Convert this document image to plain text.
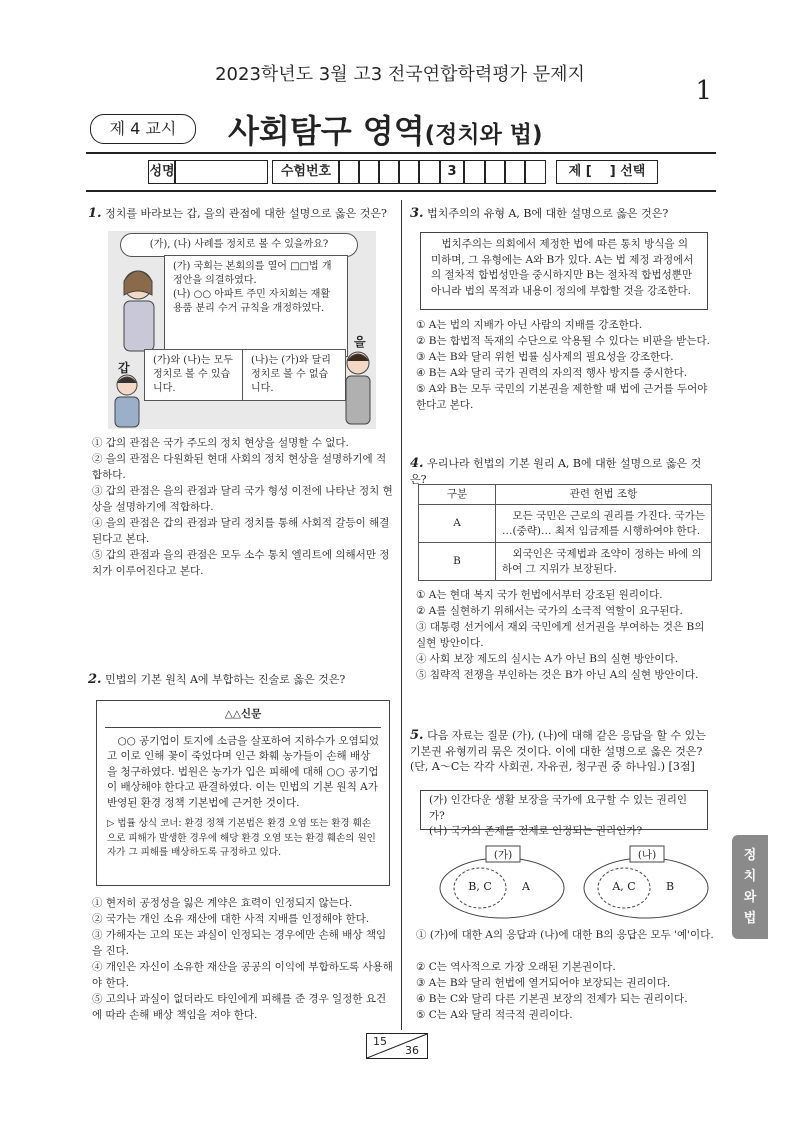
2023학년도 3월 고3 전국연합학력평가 문제지
1
제 4 교시	사회탐구 영역(정치와 법)
성명	수험번호	3	제 [ ] 선택
1. 정치를 바라보는 갑, 을의 관점에 대한 설명으로 옳은 것은?
(가), (나) 사례를 정치로 볼 수 있을까요?
(가) 국회는 본회의를 열어 □□법 개정안을 의결하였다.
(나) ○○ 아파트 주민 자치회는 재활용품 분리 수거 규칙을 개정하였다.
갑
(가)와 (나)는 모두 정치로 볼 수 있습니다.
(나)는 (가)와 달리 정치로 볼 수 없습니다.
을
① 갑의 관점은 국가 주도의 정치 현상을 설명할 수 없다.
② 을의 관점은 다원화된 현대 사회의 정치 현상을 설명하기에 적합하다.
③ 갑의 관점은 을의 관점과 달리 국가 형성 이전에 나타난 정치 현상을 설명하기에 적합하다.
④ 을의 관점은 갑의 관점과 달리 정치를 통해 사회적 갈등이 해결된다고 본다.
⑤ 갑의 관점과 을의 관점은 모두 소수 통치 엘리트에 의해서만 정치가 이루어진다고 본다.
2. 민법의 기본 원칙 A에 부합하는 진술로 옳은 것은?
△△신문
○○ 공기업이 토지에 소금을 살포하여 지하수가 오염되었고 이로 인해 꽃이 죽었다며 인근 화훼 농가들이 손해 배상을 청구하였다. 법원은 농가가 입은 피해에 대해 ○○ 공기업이 배상해야 한다고 판결하였다. 이는 민법의 기본 원칙 A가 반영된 환경 정책 기본법에 근거한 것이다.
▷ 법률 상식 코너: 환경 정책 기본법은 환경 오염 또는 환경 훼손으로 피해가 발생한 경우에 해당 환경 오염 또는 환경 훼손의 원인자가 그 피해를 배상하도록 규정하고 있다.
① 현저히 공정성을 잃은 계약은 효력이 인정되지 않는다.
② 국가는 개인 소유 재산에 대한 사적 지배를 인정해야 한다.
③ 가해자는 고의 또는 과실이 인정되는 경우에만 손해 배상 책임을 진다.
④ 개인은 자신이 소유한 재산을 공공의 이익에 부합하도록 사용해야 한다.
⑤ 고의나 과실이 없더라도 타인에게 피해를 준 경우 일정한 요건에 따라 손해 배상 책임을 져야 한다.
3. 법치주의의 유형 A, B에 대한 설명으로 옳은 것은?
법치주의는 의회에서 제정한 법에 따른 통치 방식을 의미하며, 그 유형에는 A와 B가 있다. A는 법 제정 과정에서의 절차적 합법성만을 중시하지만 B는 절차적 합법성뿐만 아니라 법의 목적과 내용이 정의에 부합할 것을 강조한다.
① A는 법의 지배가 아닌 사람의 지배를 강조한다.
② B는 합법적 독재의 수단으로 악용될 수 있다는 비판을 받는다.
③ A는 B와 달리 위헌 법률 심사제의 필요성을 강조한다.
④ B는 A와 달리 국가 권력의 자의적 행사 방지를 중시한다.
⑤ A와 B는 모두 국민의 기본권을 제한할 때 법에 근거를 두어야 한다고 본다.
4. 우리나라 헌법의 기본 원리 A, B에 대한 설명으로 옳은 것은?
구분	관련 헌법 조항
A	모든 국민은 근로의 권리를 가진다. 국가는 …(중략)… 최저 임금제를 시행하여야 한다.
B	외국인은 국제법과 조약이 정하는 바에 의하여 그 지위가 보장된다.
① A는 현대 복지 국가 헌법에서부터 강조된 원리이다.
② A를 실현하기 위해서는 국가의 소극적 역할이 요구된다.
③ 대통령 선거에서 재외 국민에게 선거권을 부여하는 것은 B의 실현 방안이다.
④ 사회 보장 제도의 실시는 A가 아닌 B의 실현 방안이다.
⑤ 침략적 전쟁을 부인하는 것은 B가 아닌 A의 실현 방안이다.
5. 다음 자료는 질문 (가), (나)에 대해 같은 응답을 할 수 있는 기본권 유형끼리 묶은 것이다. 이에 대한 설명으로 옳은 것은? (단, A～C는 각각 사회권, 자유권, 청구권 중 하나임.) [3점]
(가) 인간다운 생활 보장을 국가에 요구할 수 있는 권리인가?
(나) 국가의 존재를 전제로 인정되는 권리인가?
(가)	(나)
B, C	A	A, C	B
① (가)에 대한 A의 응답과 (나)에 대한 B의 응답은 모두 '예'이다.
② C는 역사적으로 가장 오래된 기본권이다.
③ A는 B와 달리 헌법에 열거되어야 보장되는 권리이다.
④ B는 C와 달리 다른 기본권 보장의 전제가 되는 권리이다.
⑤ C는 A와 달리 적극적 권리이다.
정
치
와
법
15
36
